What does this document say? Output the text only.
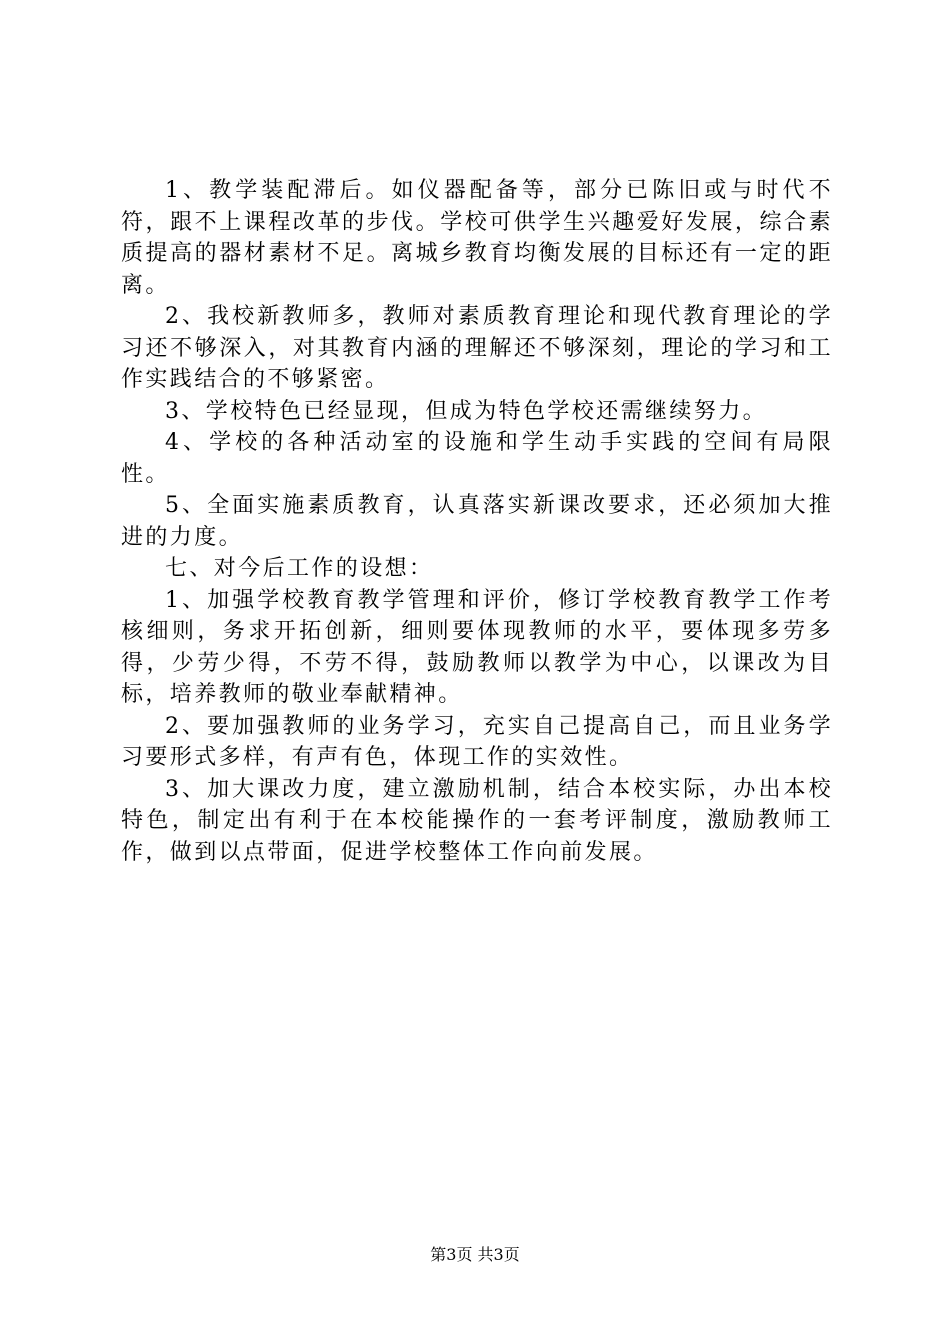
1、教学装配滞后。如仪器配备等，部分已陈旧或与时代不符，跟不上课程改革的步伐。学校可供学生兴趣爱好发展，综合素质提高的器材素材不足。离城乡教育均衡发展的目标还有一定的距离。

2、我校新教师多，教师对素质教育理论和现代教育理论的学习还不够深入，对其教育内涵的理解还不够深刻，理论的学习和工作实践结合的不够紧密。

3、学校特色已经显现，但成为特色学校还需继续努力。

4、学校的各种活动室的设施和学生动手实践的空间有局限性。

5、全面实施素质教育，认真落实新课改要求，还必须加大推进的力度。

七、对今后工作的设想：

1、加强学校教育教学管理和评价，修订学校教育教学工作考核细则，务求开拓创新，细则要体现教师的水平，要体现多劳多得，少劳少得，不劳不得，鼓励教师以教学为中心，以课改为目标，培养教师的敬业奉献精神。

2、要加强教师的业务学习，充实自己提高自己，而且业务学习要形式多样，有声有色，体现工作的实效性。

3、加大课改力度，建立激励机制，结合本校实际，办出本校特色，制定出有利于在本校能操作的一套考评制度，激励教师工作，做到以点带面，促进学校整体工作向前发展。

第3页 共3页
